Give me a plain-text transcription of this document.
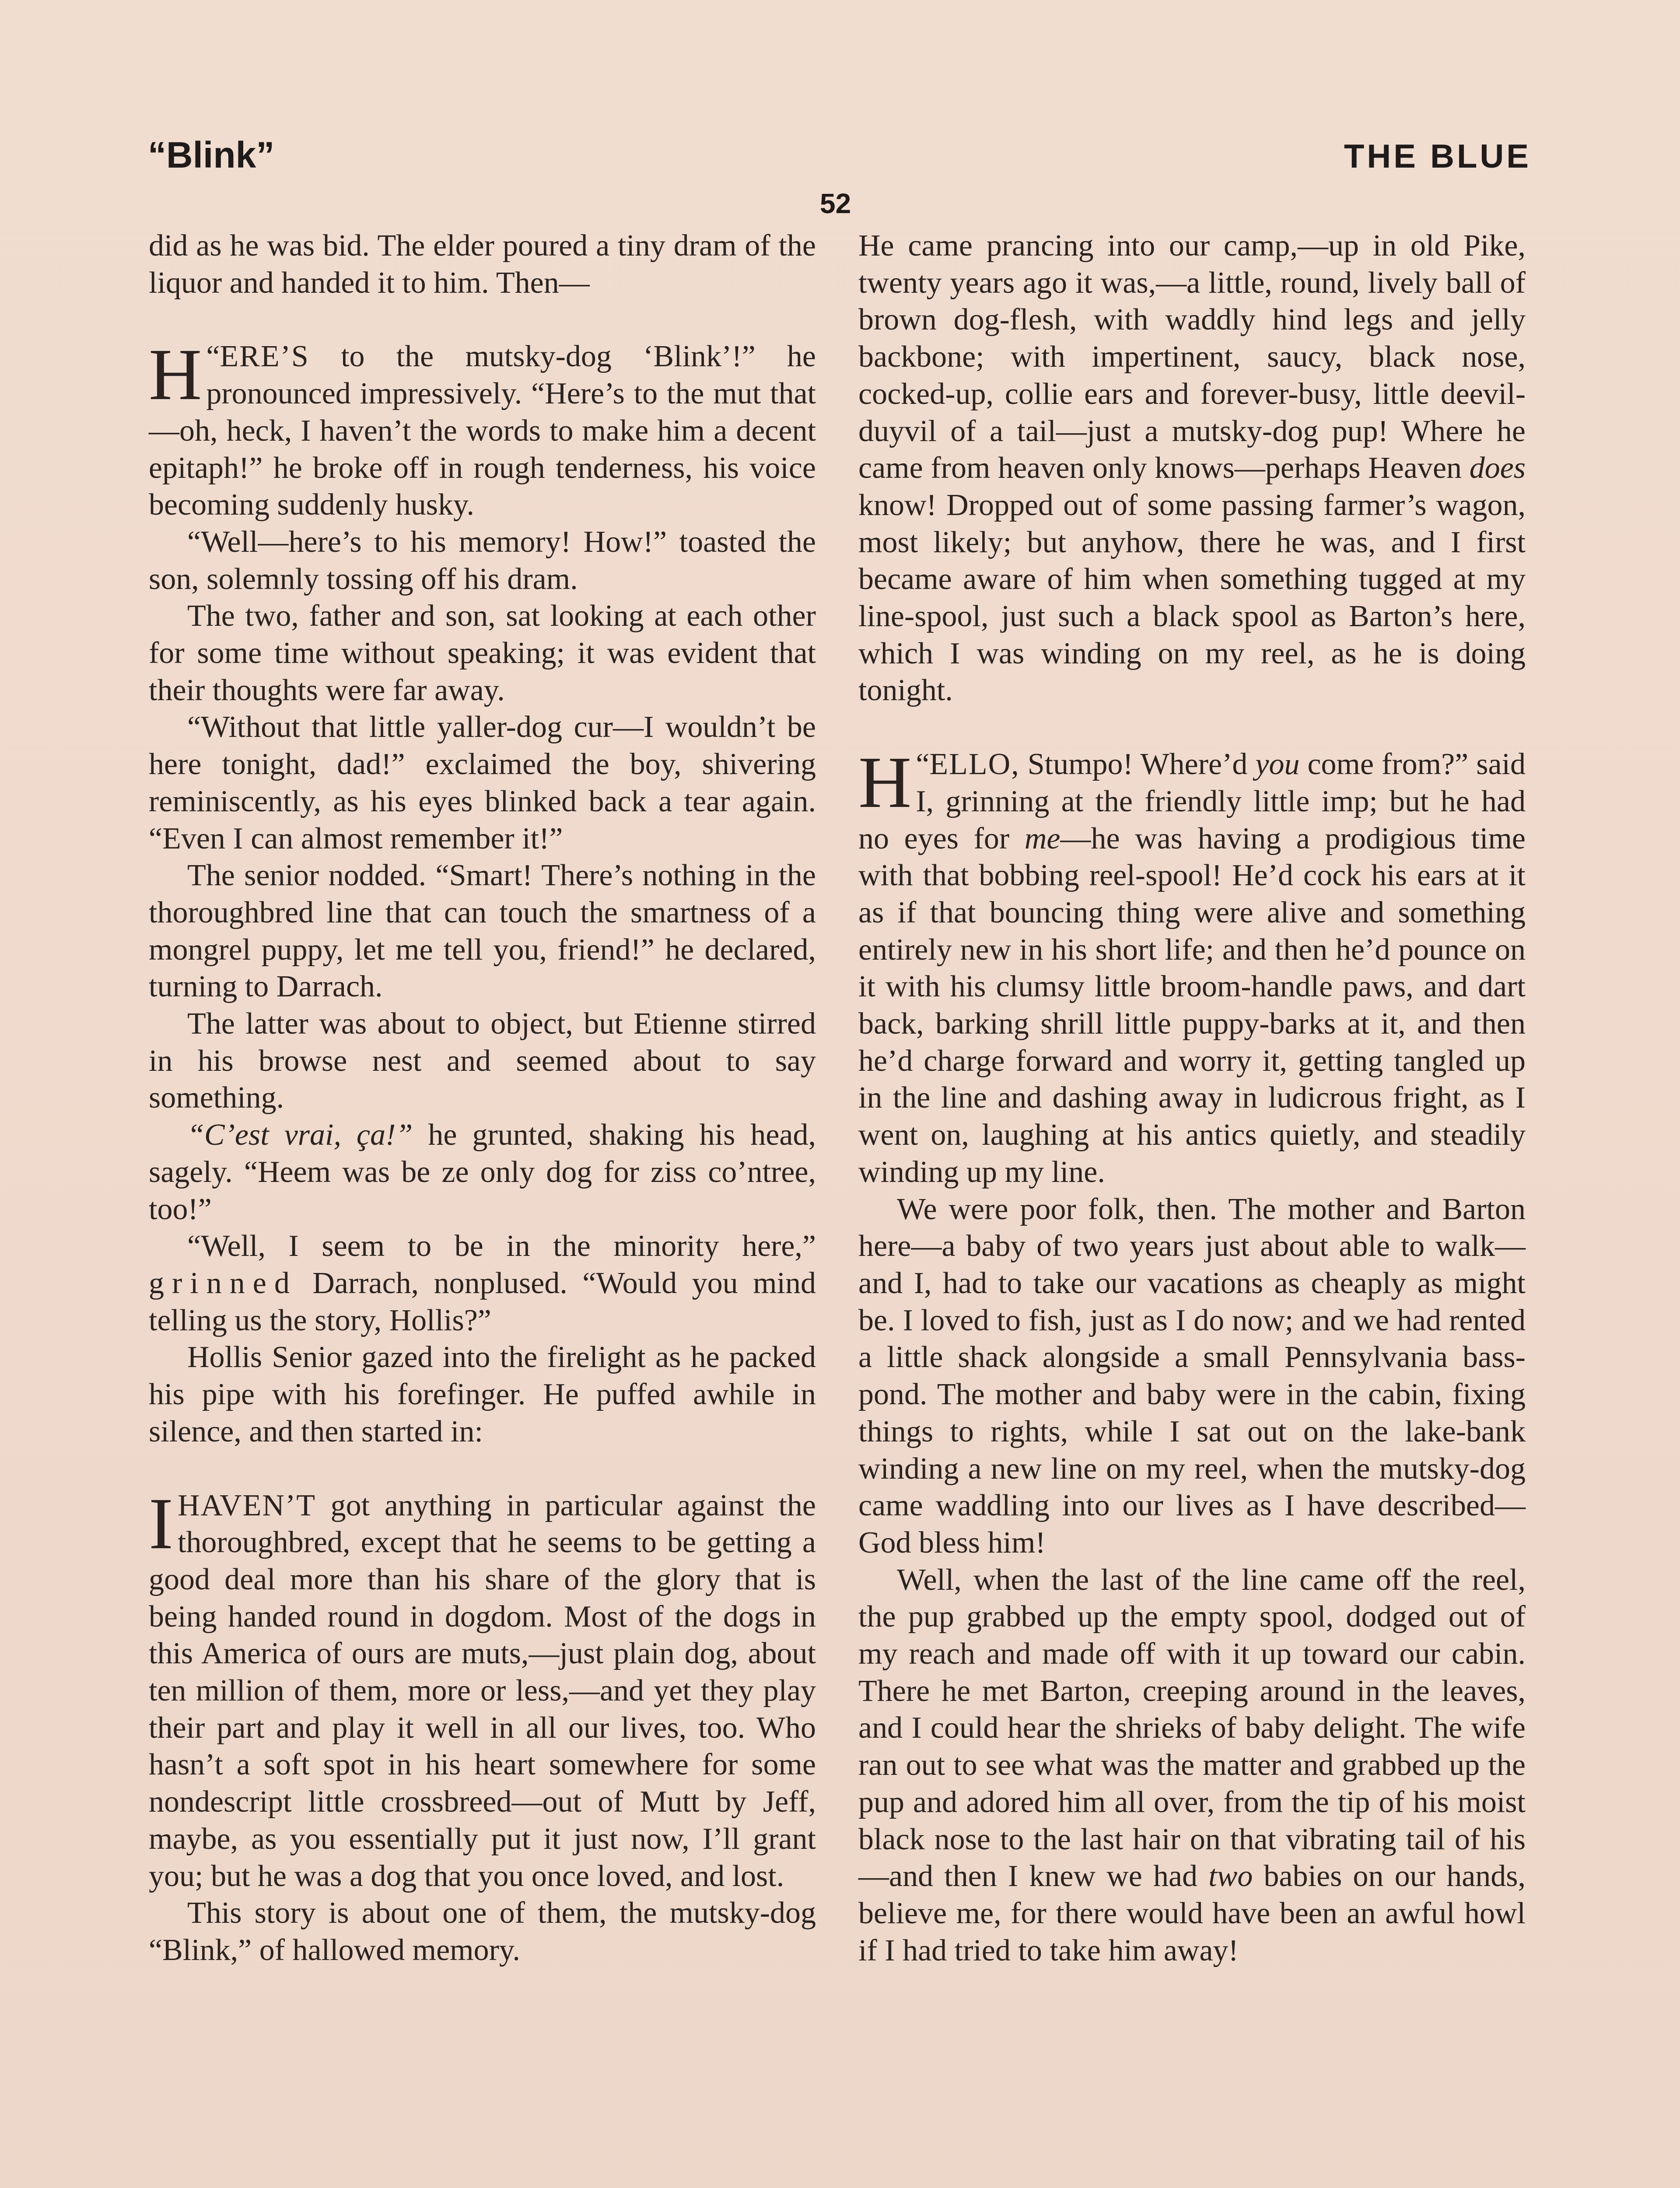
“Blink”	THE BLUE
52

did as he was bid. The elder poured a tiny dram of the liquor and handed it to him. Then—

“
H ERE’S to the mutsky-dog ‘Blink’!” he pronounced impressively. “Here’s to the mut that—oh, heck, I haven’t the words to make him a decent epitaph!” he broke off in rough tenderness, his voice becoming suddenly husky.

“Well—here’s to his memory! How!” toasted the son, solemnly tossing off his dram.

The two, father and son, sat looking at each other for some time without speaking; it was evident that their thoughts were far away.

“Without that little yaller-dog cur—I wouldn’t be here tonight, dad!” exclaimed the boy, shivering reminiscently, as his eyes blinked back a tear again. “Even I can almost remember it!”

The senior nodded. “Smart! There’s nothing in the thoroughbred line that can touch the smartness of a mongrel puppy, let me tell you, friend!” he declared, turning to Darrach.

The latter was about to object, but Etienne stirred in his browse nest and seemed about to say something.

“C’est vrai, ça!” he grunted, shaking his head, sagely. “Heem was be ze only dog for ziss co’ntree, too!”

“Well, I seem to be in the minority here,” grinned Darrach, nonplused. “Would you mind telling us the story, Hollis?”

Hollis Senior gazed into the firelight as he packed his pipe with his forefinger. He puffed awhile in silence, and then started in:

IHAVEN’T got anything in particular against the thoroughbred, except that he seems to be getting a good deal more than his share of the glory that is being handed round in dogdom. Most of the dogs in this America of ours are muts,—just plain dog, about ten million of them, more or less,—and yet they play their part and play it well in all our lives, too. Who hasn’t a soft spot in his heart somewhere for some nondescript little crossbreed—out of Mutt by Jeff, maybe, as you essentially put it just now, I’ll grant you; but he was a dog that you once loved, and lost.

This story is about one of them, the mutsky-dog “Blink,” of hallowed memory.

He came prancing into our camp,—up in old Pike, twenty years ago it was,—a little, round, lively ball of brown dog-flesh, with waddly hind legs and jelly backbone; with impertinent, saucy, black nose, cocked-up, collie ears and forever-busy, little deevil-duyvil of a tail—just a mutsky-dog pup! Where he came from heaven only knows—perhaps Heaven does know! Dropped out of some passing farmer’s wagon, most likely; but anyhow, there he was, and I first became aware of him when something tugged at my line-spool, just such a black spool as Barton’s here, which I was winding on my reel, as he is doing tonight.

“
H ELLO, Stumpo! Where’d you come from?” said I, grinning at the friendly little imp; but he had no eyes for me—he was having a prodigious time with that bobbing reel-spool! He’d cock his ears at it as if that bouncing thing were alive and something entirely new in his short life; and then he’d pounce on it with his clumsy little broom-handle paws, and dart back, barking shrill little puppy-barks at it, and then he’d charge forward and worry it, getting tangled up in the line and dashing away in ludicrous fright, as I went on, laughing at his antics quietly, and steadily winding up my line.

We were poor folk, then. The mother and Barton here—a baby of two years just about able to walk—and I, had to take our vacations as cheaply as might be. I loved to fish, just as I do now; and we had rented a little shack alongside a small Pennsylvania bass-pond. The mother and baby were in the cabin, fixing things to rights, while I sat out on the lake-bank winding a new line on my reel, when the mutsky-dog came waddling into our lives as I have described—God bless him!

Well, when the last of the line came off the reel, the pup grabbed up the empty spool, dodged out of my reach and made off with it up toward our cabin. There he met Barton, creeping around in the leaves, and I could hear the shrieks of baby delight. The wife ran out to see what was the matter and grabbed up the pup and adored him all over, from the tip of his moist black nose to the last hair on that vibrating tail of his—and then I knew we had two babies on our hands, believe me, for there would have been an awful howl if I had tried to take him away!
